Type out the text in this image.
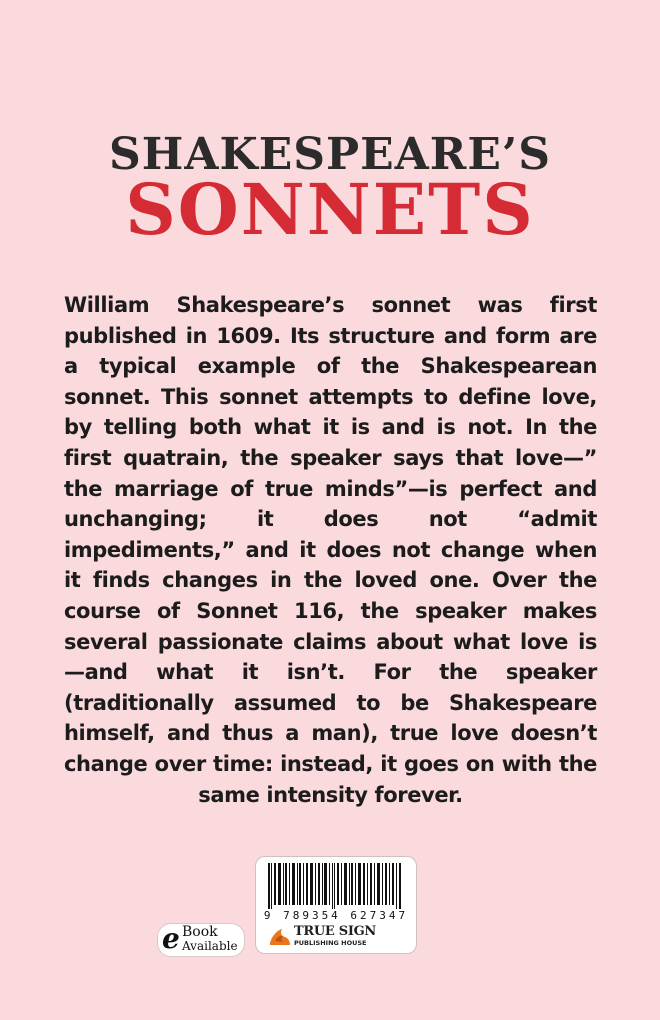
SHAKESPEARE’S
SONNETS
William Shakespeare’s sonnet was first published in 1609. Its structure and form are a typical example of the Shakespearean sonnet. This sonnet attempts to define love, by telling both what it is and is not. In the first quatrain, the speaker says that love—” the marriage of true minds”—is perfect and unchanging; it does not “admit impediments,” and it does not change when it finds changes in the loved one. Over the course of Sonnet 116, the speaker makes several passionate claims about what love is—and what it isn’t. For the speaker (traditionally assumed to be Shakespeare himself, and thus a man), true love doesn’t change over time: instead, it goes on with the same intensity forever.
e Book
Available
9 789354 627347
TRUE SIGN
PUBLISHING HOUSE
